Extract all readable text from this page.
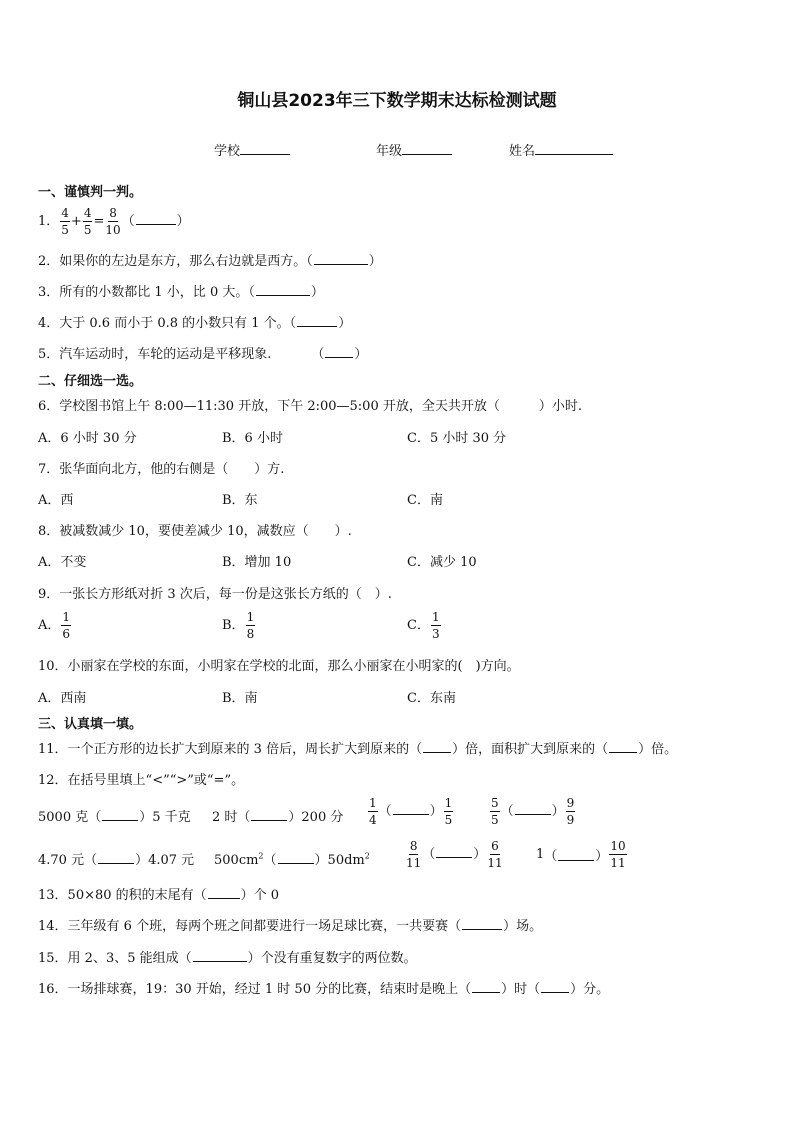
铜山县2023年三下数学期末达标检测试题
学校	年级	姓名
一、谨慎判一判。
1． $\frac{4}{5} + \frac{4}{5} = \frac{8}{10}$ （	）
2．如果你的左边是东方，那么右边就是西方。（	）
3．所有的小数都比 1 小，比 0 大。（	）
4．大于 0.6 而小于 0.8 的小数只有 1 个。（	）
5．汽车运动时，车轮的运动是平移现象.	（ ）
二、仔细选一选。
6．学校图书馆上午 8:00—11:30 开放，下午 2:00—5:00 开放，全天共开放（　　　）小时.
A．6 小时 30 分	B．6 小时	C．5 小时 30 分
7．张华面向北方，他的右侧是（　　）方.
A．西	B．东	C．南
8．被减数减少 10，要使差减少 10，减数应（　　）.
A．不变	B．增加 10	C．减少 10
9．一张长方形纸对折 3 次后，每一份是这张长方纸的（　）.
A． $\frac{1}{6}$	B． $\frac{1}{8}$	C． $\frac{1}{3}$
10．小丽家在学校的东面，小明家在学校的北面，那么小丽家在小明家的(　)方向。
A．西南	B．南	C．东南
三、认真填一填。
11．一个正方形的边长扩大到原来的 3 倍后，周长扩大到原来的（ ）倍，面积扩大到原来的（ ）倍。
12．在括号里填上“<”“>”或“=”。
5000 克（	）5 千克 2 时（	）200 分 $\frac{1}{4}$ （	） $\frac{1}{5}$	$\frac{5}{5}$ （	） $\frac{9}{9}$
4.70 元（	）4.07 元 $500cm^2$（	）$50dm^2$	$\frac{8}{11}$ （	） $\frac{6}{11}$	1（	） $\frac{10}{11}$
13．50×80 的积的末尾有（	）个 0
14．三年级有 6 个班，每两个班之间都要进行一场足球比赛，一共要赛（	）场。
15．用 2、3、5 能组成（	）个没有重复数字的两位数。
16．一场排球赛，19：30 开始，经过 1 时 50 分的比赛，结束时是晚上（ ）时（ ）分。
